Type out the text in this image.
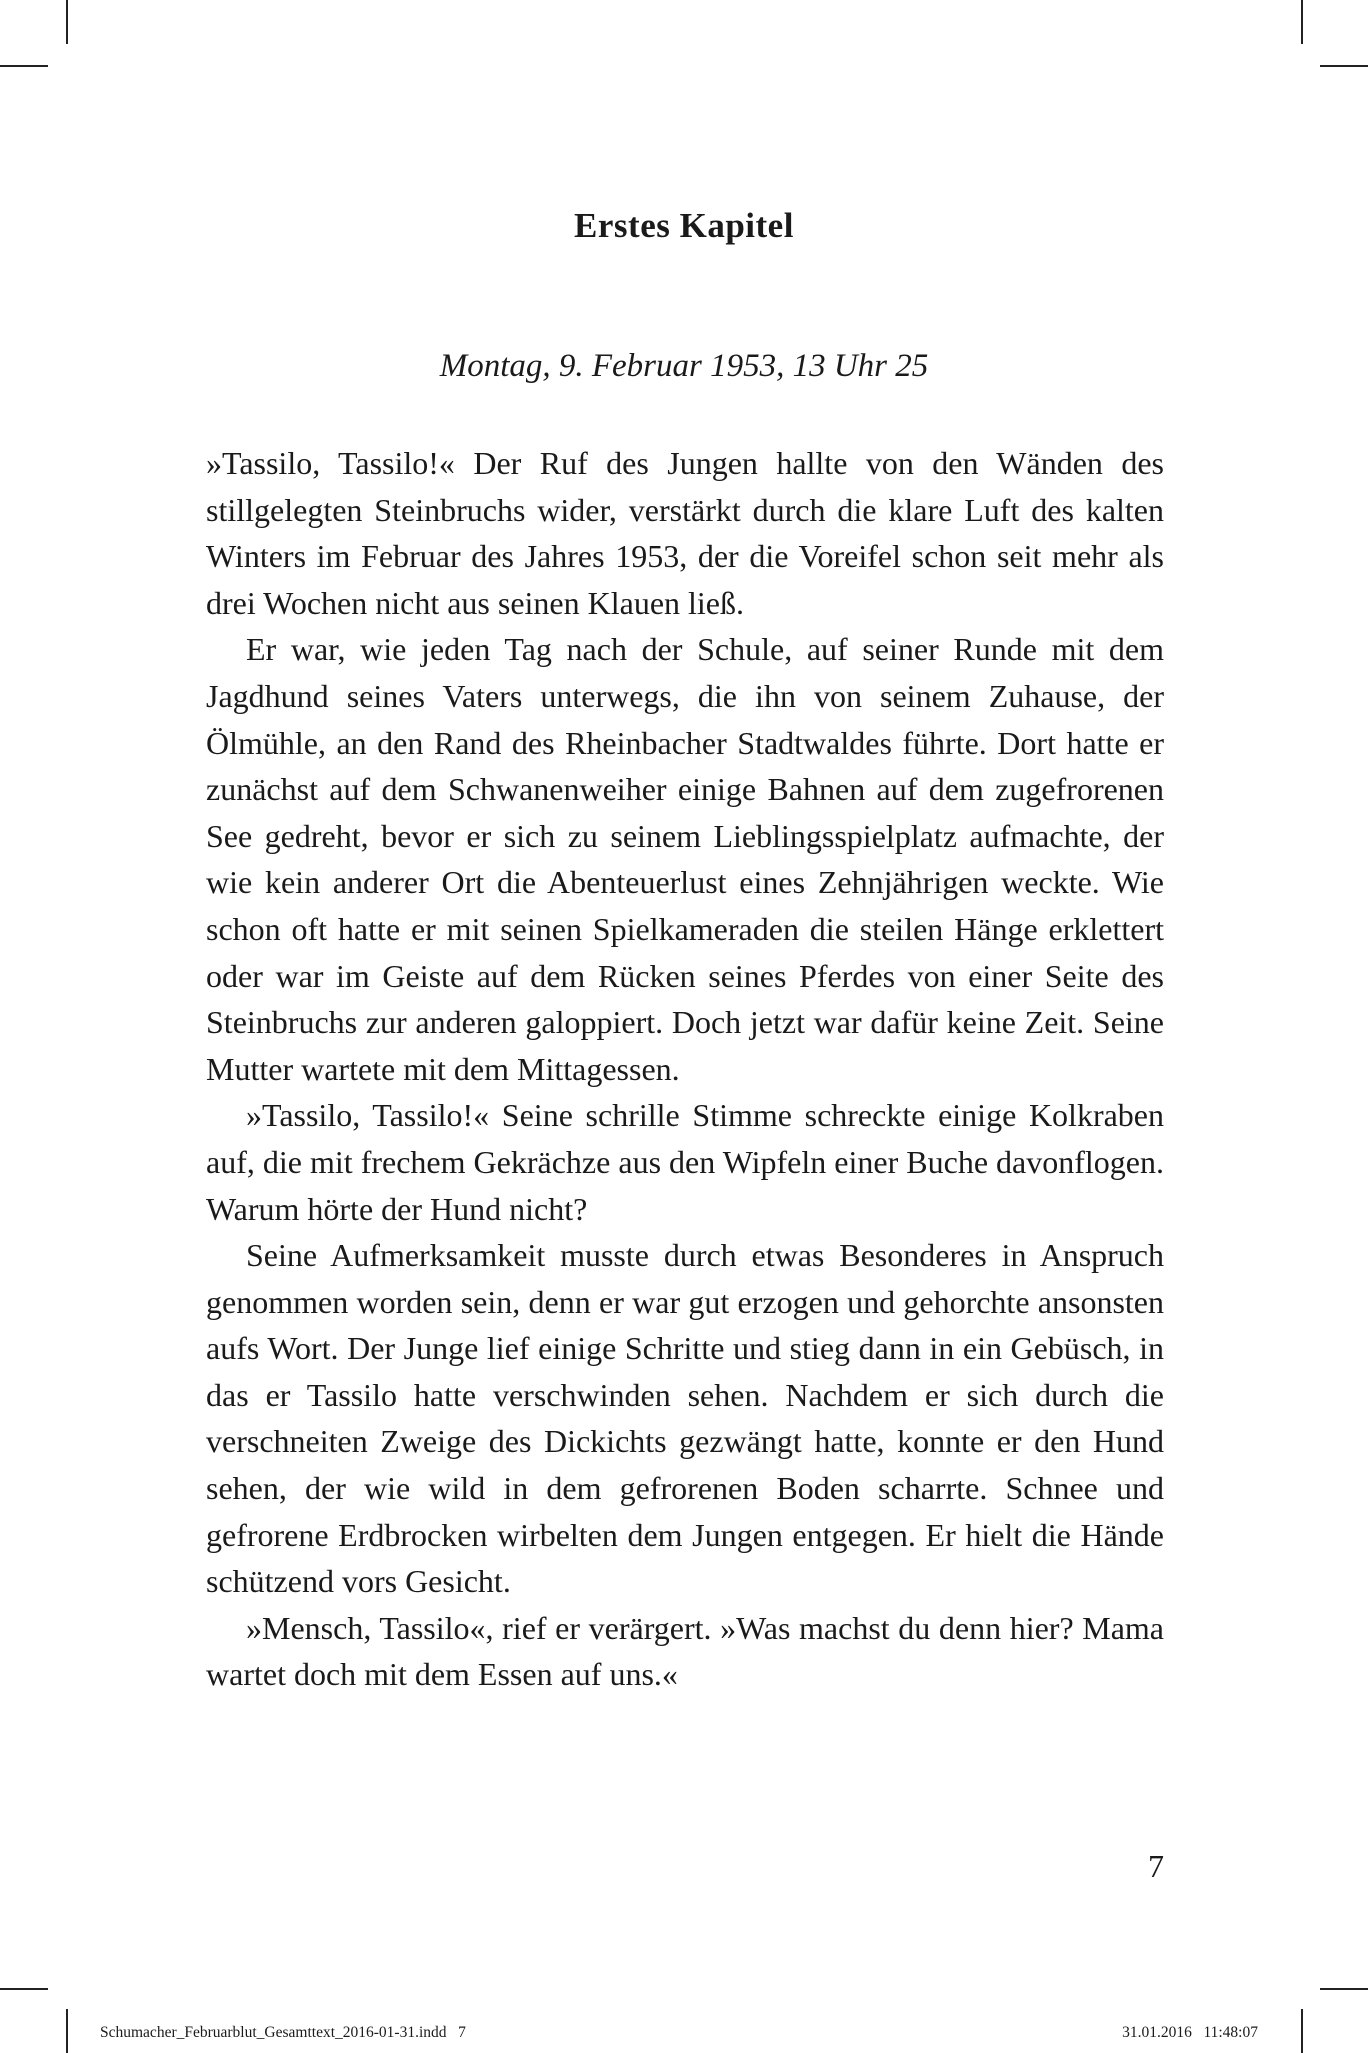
Erstes Kapitel
Montag, 9. Februar 1953, 13 Uhr 25

»Tassilo, Tassilo!« Der Ruf des Jungen hallte von den Wänden des stillgelegten Steinbruchs wider, verstärkt durch die klare Luft des kalten Winters im Februar des Jahres 1953, der die Voreifel schon seit mehr als drei Wochen nicht aus seinen Klauen ließ.

Er war, wie jeden Tag nach der Schule, auf seiner Runde mit dem Jagdhund seines Vaters unterwegs, die ihn von seinem Zuhause, der Ölmühle, an den Rand des Rheinbacher Stadtwaldes führte. Dort hatte er zunächst auf dem Schwanenweiher einige Bahnen auf dem zugefrorenen See gedreht, bevor er sich zu seinem Lieblingsspielplatz aufmachte, der wie kein anderer Ort die Abenteuerlust eines Zehnjährigen weckte. Wie schon oft hatte er mit seinen Spielkameraden die steilen Hänge erklettert oder war im Geiste auf dem Rücken seines Pferdes von einer Seite des Steinbruchs zur anderen galoppiert. Doch jetzt war dafür keine Zeit. Seine Mutter wartete mit dem Mittagessen.

»Tassilo, Tassilo!« Seine schrille Stimme schreckte einige Kolkraben auf, die mit frechem Gekrächze aus den Wipfeln einer Buche davonflogen. Warum hörte der Hund nicht?

Seine Aufmerksamkeit musste durch etwas Besonderes in Anspruch genommen worden sein, denn er war gut erzogen und gehorchte ansonsten aufs Wort. Der Junge lief einige Schritte und stieg dann in ein Gebüsch, in das er Tassilo hatte verschwinden sehen. Nachdem er sich durch die verschneiten Zweige des Dickichts gezwängt hatte, konnte er den Hund sehen, der wie wild in dem gefrorenen Boden scharrte. Schnee und gefrorene Erdbrocken wirbelten dem Jungen entgegen. Er hielt die Hände schützend vors Gesicht.

»Mensch, Tassilo«, rief er verärgert. »Was machst du denn hier? Mama wartet doch mit dem Essen auf uns.«

7
Schumacher_Februarblut_Gesamttext_2016-01-31.indd   7	31.01.2016   11:48:07
